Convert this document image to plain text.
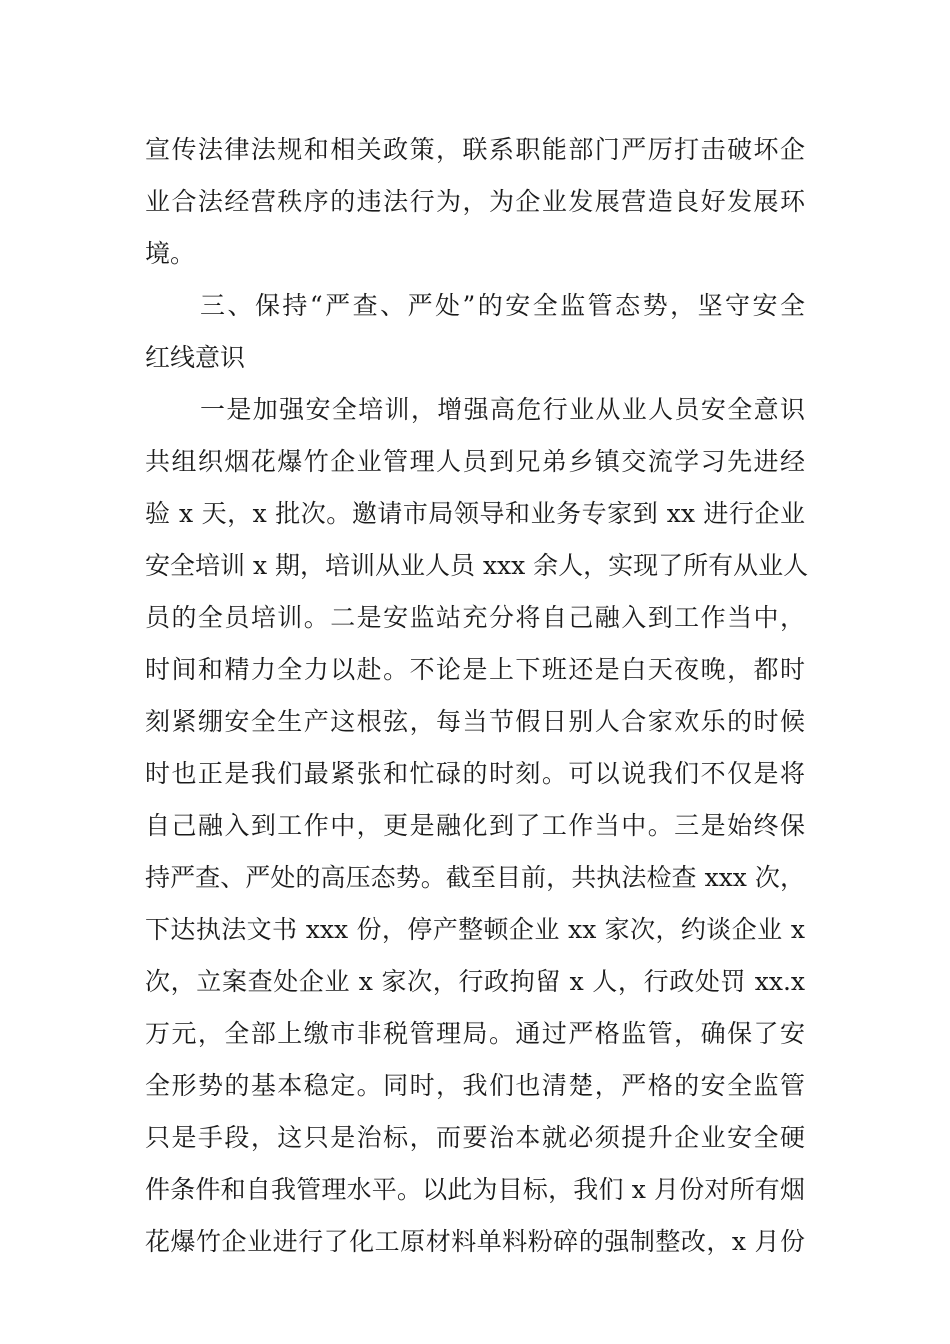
宣传法律法规和相关政策，联系职能部门严厉打击破坏企
业合法经营秩序的违法行为，为企业发展营造良好发展环
境。
三、保持“严查、严处”的安全监管态势，坚守安全
红线意识
一是加强安全培训，增强高危行业从业人员安全意识
共组织烟花爆竹企业管理人员到兄弟乡镇交流学习先进经
验 x 天，x 批次。邀请市局领导和业务专家到 xx 进行企业
安全培训 x 期，培训从业人员 xxx 余人，实现了所有从业人
员的全员培训。二是安监站充分将自己融入到工作当中，
时间和精力全力以赴。不论是上下班还是白天夜晚，都时
刻紧绷安全生产这根弦，每当节假日别人合家欢乐的时候
时也正是我们最紧张和忙碌的时刻。可以说我们不仅是将
自己融入到工作中，更是融化到了工作当中。三是始终保
持严查、严处的高压态势。截至目前，共执法检查 xxx 次，
下达执法文书 xxx 份，停产整顿企业 xx 家次，约谈企业 x
次，立案查处企业 x 家次，行政拘留 x 人，行政处罚 xx.x
万元，全部上缴市非税管理局。通过严格监管，确保了安
全形势的基本稳定。同时，我们也清楚，严格的安全监管
只是手段，这只是治标，而要治本就必须提升企业安全硬
件条件和自我管理水平。以此为目标，我们 x 月份对所有烟
花爆竹企业进行了化工原材料单料粉碎的强制整改，x 月份
